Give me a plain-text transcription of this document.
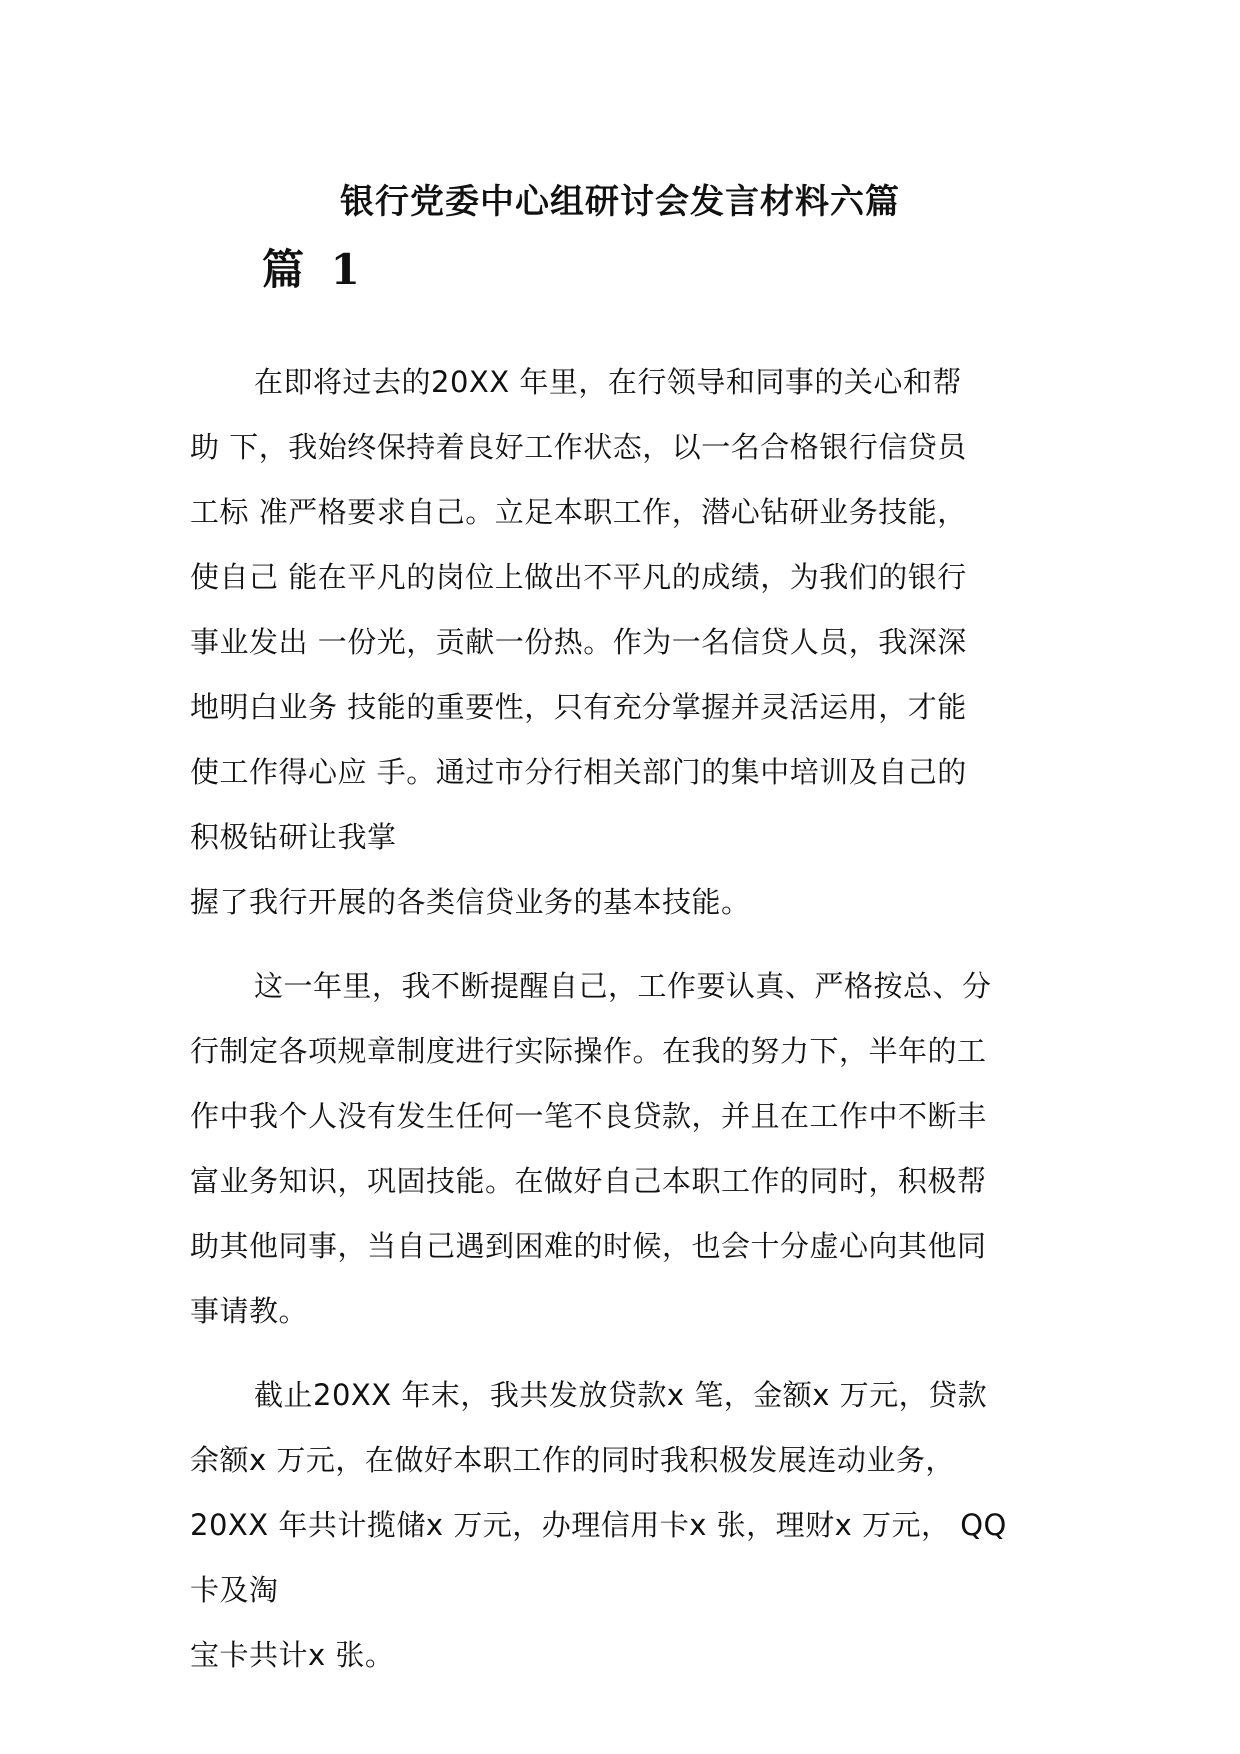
银行党委中心组研讨会发言材料六篇
篇 1
在即将过去的20XX 年里，在行领导和同事的关心和帮
助 下，我始终保持着良好工作状态，以一名合格银行信贷员
工标 准严格要求自己。立足本职工作，潜心钻研业务技能，
使自己 能在平凡的岗位上做出不平凡的成绩，为我们的银行
事业发出 一份光，贡献一份热。作为一名信贷人员，我深深
地明白业务 技能的重要性，只有充分掌握并灵活运用，才能
使工作得心应 手。通过市分行相关部门的集中培训及自己的
积极钻研让我掌
握了我行开展的各类信贷业务的基本技能。
这一年里，我不断提醒自己，工作要认真、严格按总、分
行制定各项规章制度进行实际操作。在我的努力下，半年的工
作中我个人没有发生任何一笔不良贷款，并且在工作中不断丰
富业务知识，巩固技能。在做好自己本职工作的同时，积极帮
助其他同事，当自己遇到困难的时候，也会十分虚心向其他同
事请教。
截止20XX 年末，我共发放贷款x 笔，金额x 万元，贷款
余额x 万元，在做好本职工作的同时我积极发展连动业务，
20XX 年共计揽储x 万元，办理信用卡x 张，理财x 万元， QQ
卡及淘
宝卡共计x 张。
